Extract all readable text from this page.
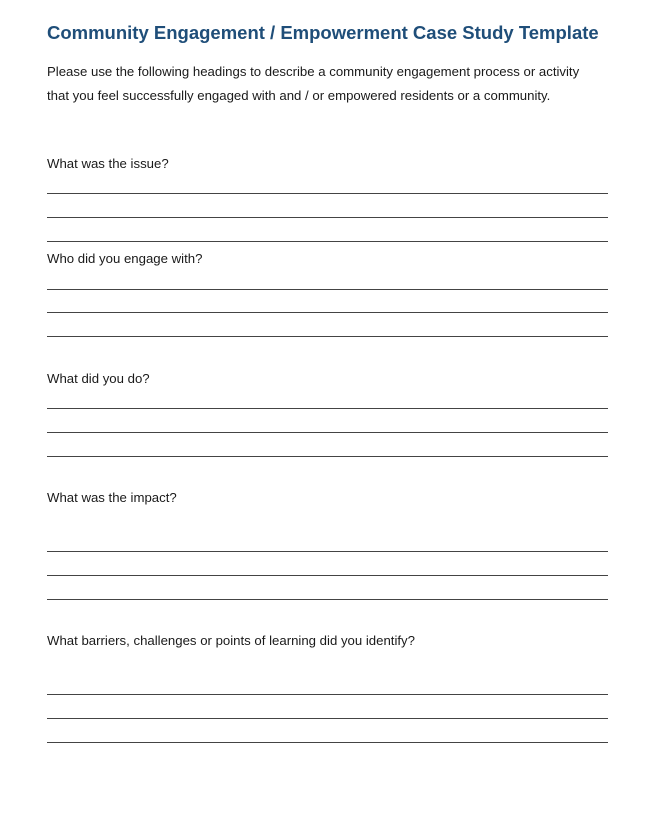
Community Engagement / Empowerment Case Study Template

Please use the following headings to describe a community engagement process or activity

that you feel successfully engaged with and / or empowered residents or a community.

What was the issue?
Who did you engage with?
What did you do?
What was the impact?
What barriers, challenges or points of learning did you identify?
